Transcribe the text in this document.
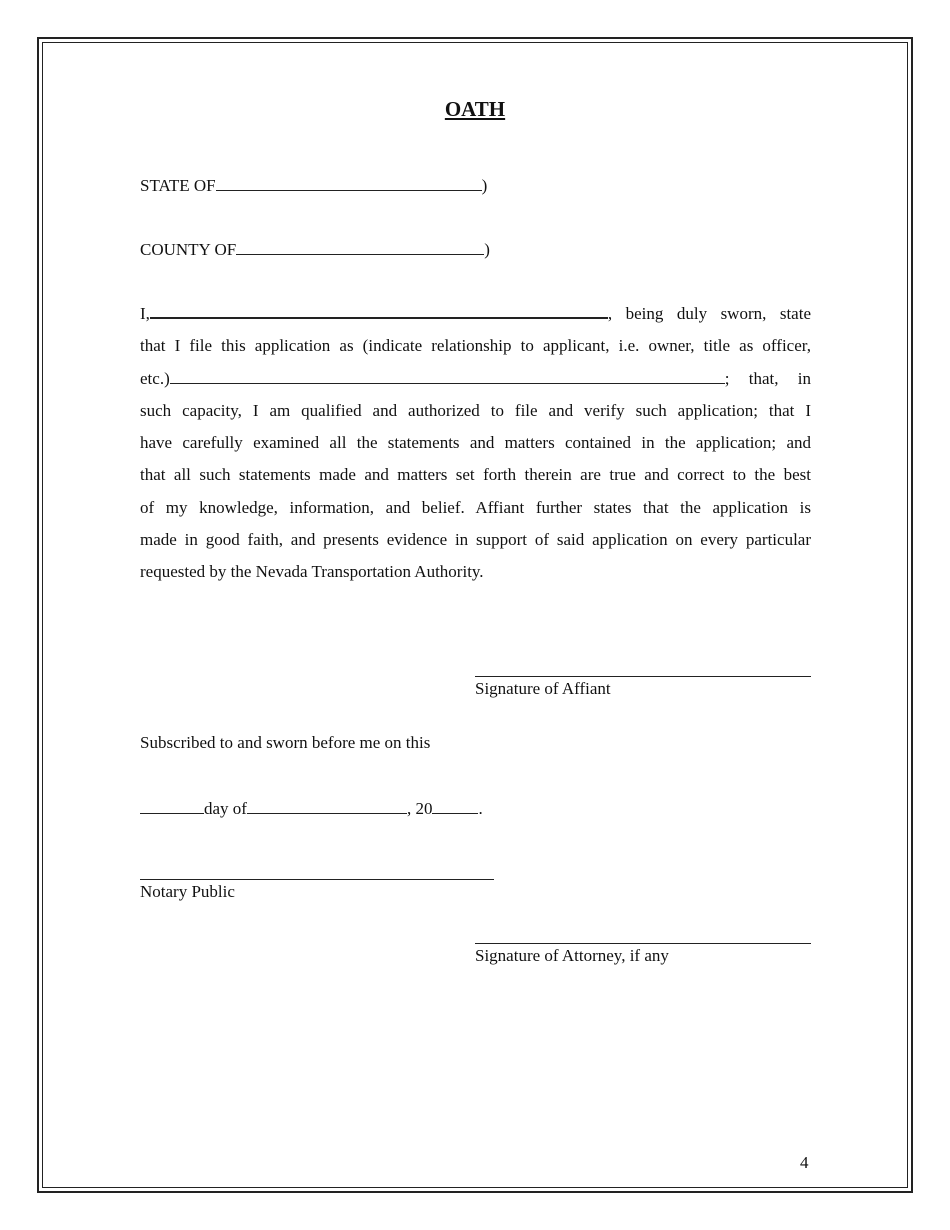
OATH
STATE OF	)
COUNTY OF	)
I,	, being duly sworn, state
that I file this application as (indicate relationship to applicant, i.e. owner, title as officer,
etc.)	; that, in
such capacity, I am qualified and authorized to file and verify such application; that I
have carefully examined all the statements and matters contained in the application; and
that all such statements made and matters set forth therein are true and correct to the best
of my knowledge, information, and belief. Affiant further states that the application is
made in good faith, and presents evidence in support of said application on every particular
requested by the Nevada Transportation Authority.
Signature of Affiant
Subscribed to and sworn before me on this
day of	, 20	.
Notary Public
Signature of Attorney, if any
4
